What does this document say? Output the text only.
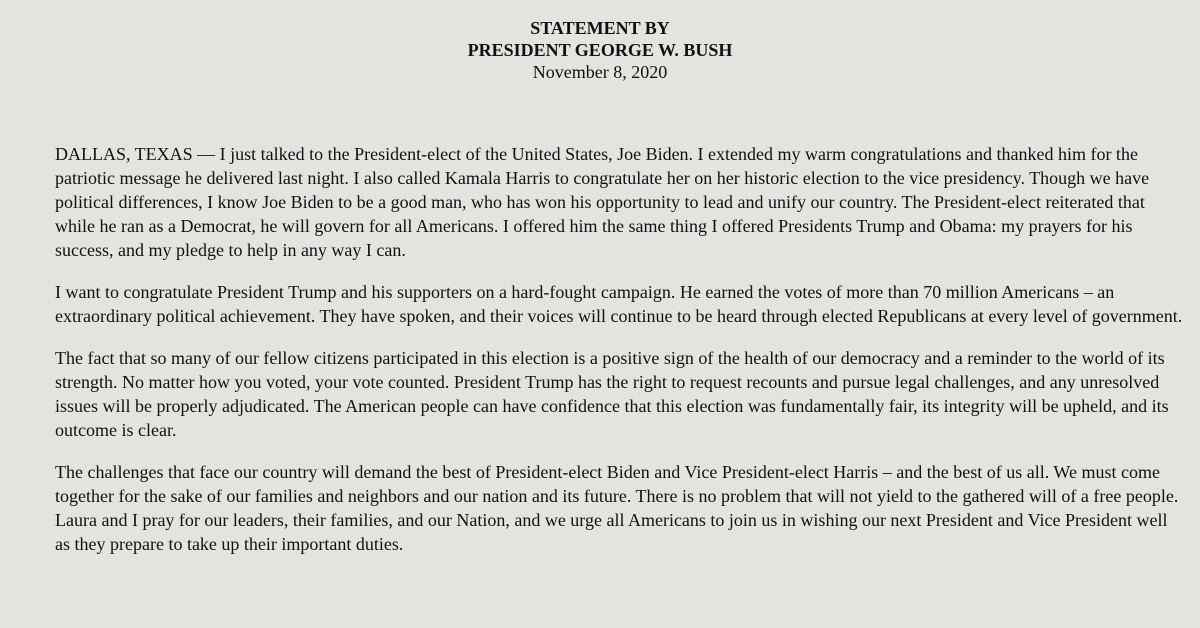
STATEMENT BY
PRESIDENT GEORGE W. BUSH
November 8, 2020

DALLAS, TEXAS — I just talked to the President-elect of the United States, Joe Biden. I extended my warm congratulations and thanked him for the patriotic message he delivered last night. I also called Kamala Harris to congratulate her on her historic election to the vice presidency. Though we have political differences, I know Joe Biden to be a good man, who has won his opportunity to lead and unify our country. The President-elect reiterated that while he ran as a Democrat, he will govern for all Americans. I offered him the same thing I offered Presidents Trump and Obama: my prayers for his success, and my pledge to help in any way I can.

I want to congratulate President Trump and his supporters on a hard-fought campaign. He earned the votes of more than 70 million Americans – an extraordinary political achievement. They have spoken, and their voices will continue to be heard through elected Republicans at every level of government.

The fact that so many of our fellow citizens participated in this election is a positive sign of the health of our democracy and a reminder to the world of its strength. No matter how you voted, your vote counted. President Trump has the right to request recounts and pursue legal challenges, and any unresolved issues will be properly adjudicated. The American people can have confidence that this election was fundamentally fair, its integrity will be upheld, and its outcome is clear.

The challenges that face our country will demand the best of President-elect Biden and Vice President-elect Harris – and the best of us all. We must come together for the sake of our families and neighbors and our nation and its future. There is no problem that will not yield to the gathered will of a free people. Laura and I pray for our leaders, their families, and our Nation, and we urge all Americans to join us in wishing our next President and Vice President well as they prepare to take up their important duties.
